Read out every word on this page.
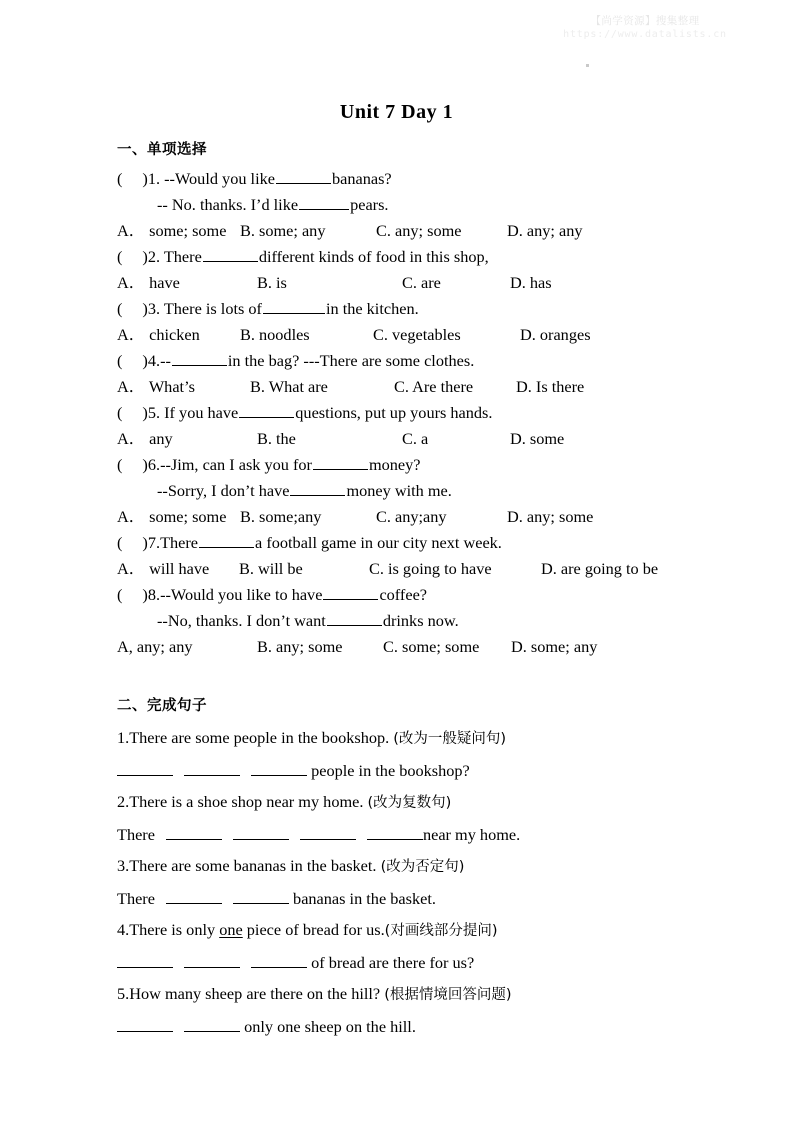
【尚学资源】搜集整理
https://www.datalists.cn
Unit 7 Day 1
一、单项选择

( )1. --Would you like	bananas?

-- No. thanks. I’d like	pears.

A． some; some B. some; any	C. any; some	D. any; any

( )2. There	different kinds of food in this shop,

A． have	B. is	C. are	D. has

( )3. There is lots of	in the kitchen.

A． chicken	B. noodles	C. vegetables	D. oranges

( )4.--	in the bag? ---There are some clothes.

A． What’s	B. What are	C. Are there	D. Is there

( )5. If you have	questions, put up yours hands.

A． any	B. the	C. a	D. some

( )6.--Jim, can I ask you for	money?

--Sorry, I don’t have	money with me.

A． some; some B. some;any	C. any;any	D. any; some

( )7.There	a football game in our city next week.

A． will have	B. will be	C. is going to have	D. are going to be

( )8.--Would you like to have	coffee?

--No, thanks. I don’t want	drinks now.

A, any; any	B. any; some	C. some; some	D. some; any
二、完成句子

1.There are some people in the bookshop. (改为一般疑问句)

people in the bookshop?

2.There is a shoe shop near my home. (改为复数句)

There	near my home.

3.There are some bananas in the basket. (改为否定句)

There	bananas in the basket.

4.There is only one piece of bread for us.(对画线部分提问)

of bread are there for us?

5.How many sheep are there on the hill? (根据情境回答问题)

only one sheep on the hill.
